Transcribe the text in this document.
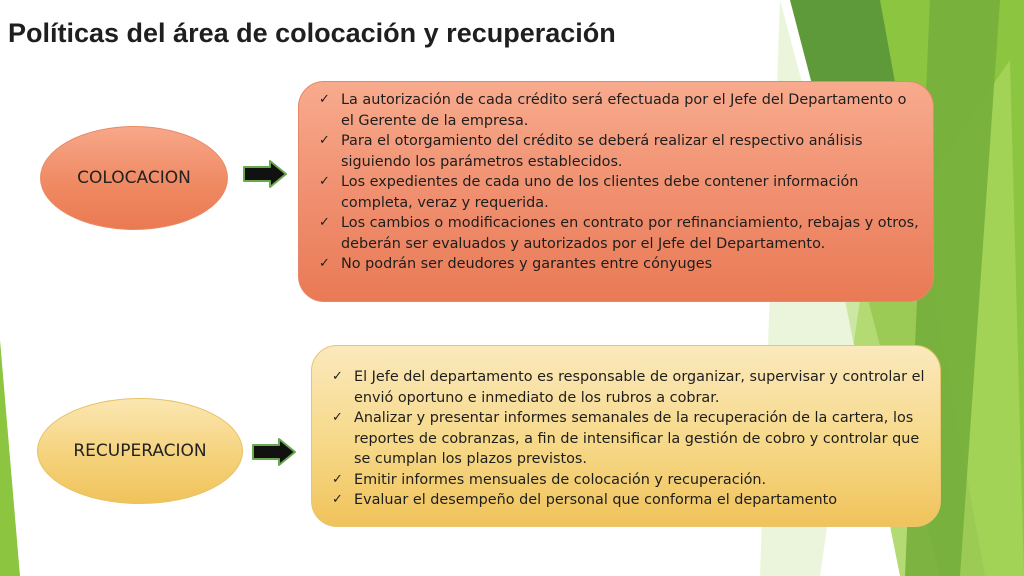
Políticas del área de colocación y recuperación
COLOCACION
✓ La autorización de cada crédito será efectuada por el Jefe del Departamento o el Gerente de la empresa.
✓ Para el otorgamiento del crédito se deberá realizar el respectivo análisis siguiendo los parámetros establecidos.
✓ Los expedientes de cada uno de los clientes debe contener información completa, veraz y requerida.
✓ Los cambios o modificaciones en contrato por refinanciamiento, rebajas y otros, deberán ser evaluados y autorizados por el Jefe del Departamento.
✓ No podrán ser deudores y garantes entre cónyuges
RECUPERACION
✓ El Jefe del departamento es responsable de organizar, supervisar y controlar el envió oportuno e inmediato de los rubros a cobrar.
✓ Analizar y presentar informes semanales de la recuperación de la cartera, los reportes de cobranzas, a fin de intensificar la gestión de cobro y controlar que se cumplan los plazos previstos.
✓ Emitir informes mensuales de colocación y recuperación.
✓ Evaluar el desempeño del personal que conforma el departamento
